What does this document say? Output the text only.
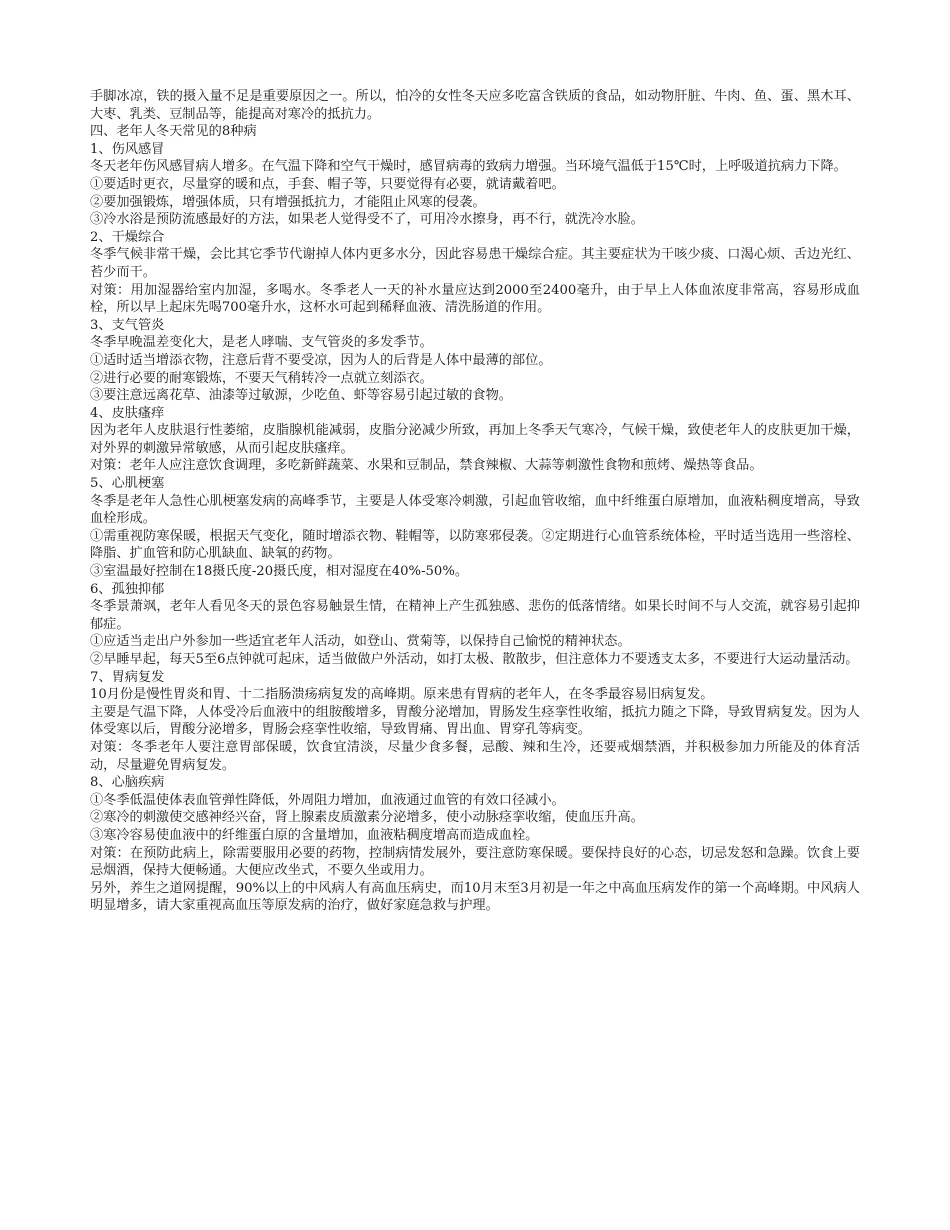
手脚冰凉，铁的摄入量不足是重要原因之一。所以，怕冷的女性冬天应多吃富含铁质的食品，如动物肝脏、牛肉、鱼、蛋、黑木耳、大枣、乳类、豆制品等，能提高对寒冷的抵抗力。

四、老年人冬天常见的8种病

1、伤风感冒

冬天老年伤风感冒病人增多。在气温下降和空气干燥时，感冒病毒的致病力增强。当环境气温低于15℃时，上呼吸道抗病力下降。

①要适时更衣，尽量穿的暖和点，手套、帽子等，只要觉得有必要，就请戴着吧。

②要加强锻炼，增强体质，只有增强抵抗力，才能阻止风寒的侵袭。

③冷水浴是预防流感最好的方法，如果老人觉得受不了，可用冷水擦身，再不行，就洗冷水脸。

2、干燥综合

冬季气候非常干燥，会比其它季节代谢掉人体内更多水分，因此容易患干燥综合症。其主要症状为干咳少痰、口渴心烦、舌边光红、苔少而干。

对策：用加湿器给室内加湿，多喝水。冬季老人一天的补水量应达到2000至2400毫升，由于早上人体血浓度非常高，容易形成血栓，所以早上起床先喝700毫升水，这杯水可起到稀释血液、清洗肠道的作用。

3、支气管炎

冬季早晚温差变化大，是老人哮喘、支气管炎的多发季节。

①适时适当增添衣物，注意后背不要受凉，因为人的后背是人体中最薄的部位。

②进行必要的耐寒锻炼，不要天气稍转冷一点就立刻添衣。

③要注意远离花草、油漆等过敏源，少吃鱼、虾等容易引起过敏的食物。

4、皮肤瘙痒

因为老年人皮肤退行性萎缩，皮脂腺机能减弱，皮脂分泌减少所致，再加上冬季天气寒冷，气候干燥，致使老年人的皮肤更加干燥，对外界的刺激异常敏感，从而引起皮肤瘙痒。

对策：老年人应注意饮食调理，多吃新鲜蔬菜、水果和豆制品，禁食辣椒、大蒜等刺激性食物和煎烤、燥热等食品。

5、心肌梗塞

冬季是老年人急性心肌梗塞发病的高峰季节，主要是人体受寒冷刺激，引起血管收缩，血中纤维蛋白原增加，血液粘稠度增高，导致血栓形成。

①需重视防寒保暖，根据天气变化，随时增添衣物、鞋帽等，以防寒邪侵袭。②定期进行心血管系统体检，平时适当选用一些溶栓、降脂、扩血管和防心肌缺血、缺氧的药物。

③室温最好控制在18摄氏度-20摄氏度，相对湿度在40%-50%。

6、孤独抑郁

冬季景萧飒，老年人看见冬天的景色容易触景生情，在精神上产生孤独感、悲伤的低落情绪。如果长时间不与人交流，就容易引起抑郁症。

①应适当走出户外参加一些适宜老年人活动，如登山、赏菊等，以保持自己愉悦的精神状态。

②早睡早起，每天5至6点钟就可起床，适当做做户外活动，如打太极、散散步，但注意体力不要透支太多，不要进行大运动量活动。

7、胃病复发

10月份是慢性胃炎和胃、十二指肠溃疡病复发的高峰期。原来患有胃病的老年人，在冬季最容易旧病复发。

主要是气温下降，人体受冷后血液中的组胺酸增多，胃酸分泌增加，胃肠发生痉挛性收缩，抵抗力随之下降，导致胃病复发。因为人体受寒以后，胃酸分泌增多，胃肠会痉挛性收缩，导致胃痛、胃出血、胃穿孔等病变。

对策：冬季老年人要注意胃部保暖，饮食宜清淡，尽量少食多餐，忌酸、辣和生冷，还要戒烟禁酒，并积极参加力所能及的体育活动，尽量避免胃病复发。

8、心脑疾病

①冬季低温使体表血管弹性降低，外周阻力增加，血液通过血管的有效口径减小。

②寒冷的刺激使交感神经兴奋，肾上腺素皮质激素分泌增多，使小动脉痉挛收缩，使血压升高。

③寒冷容易使血液中的纤维蛋白原的含量增加，血液粘稠度增高而造成血栓。

对策：在预防此病上，除需要服用必要的药物，控制病情发展外，要注意防寒保暖。要保持良好的心态，切忌发怒和急躁。饮食上要忌烟酒，保持大便畅通。大便应改坐式，不要久坐或用力。

另外，养生之道网提醒，90%以上的中风病人有高血压病史，而10月末至3月初是一年之中高血压病发作的第一个高峰期。中风病人明显增多，请大家重视高血压等原发病的治疗，做好家庭急救与护理。
